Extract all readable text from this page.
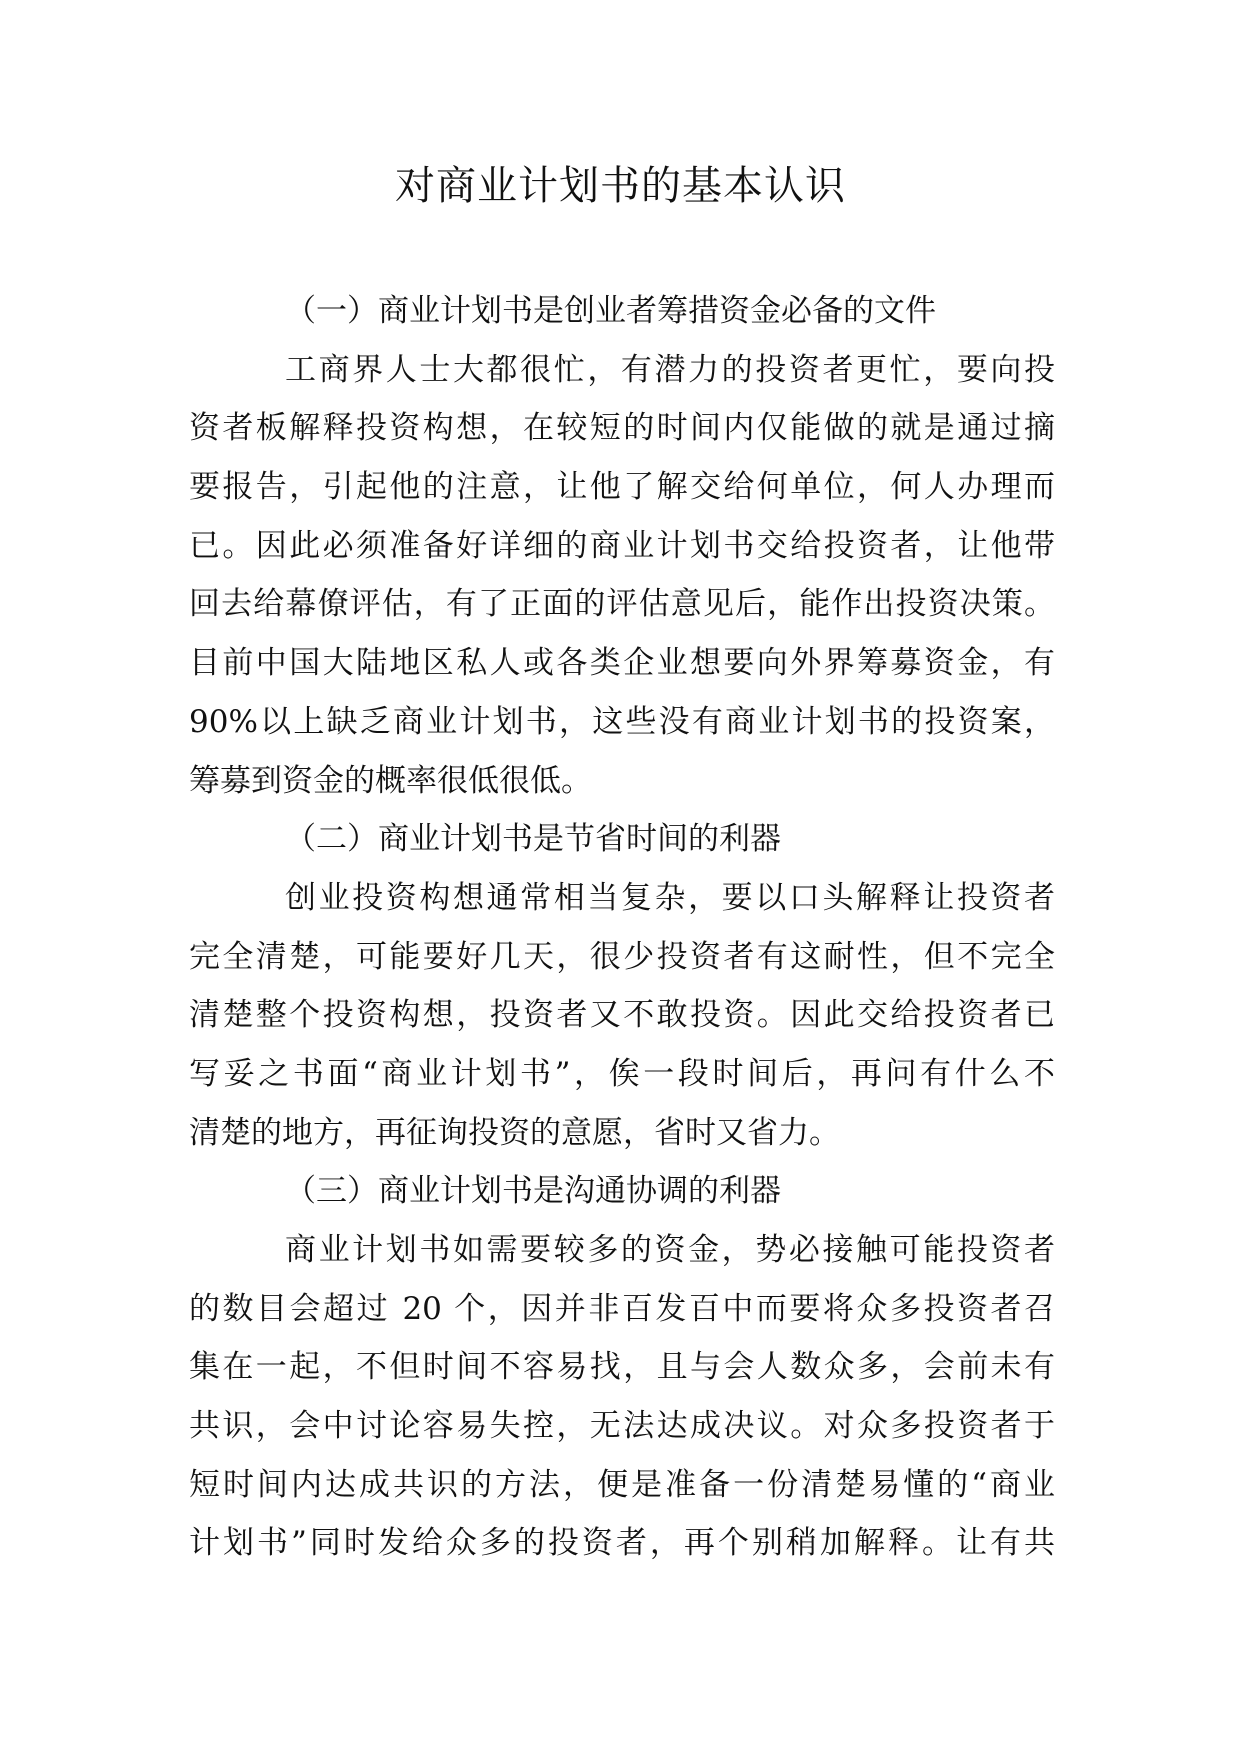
对商业计划书的基本认识
（一）商业计划书是创业者筹措资金必备的文件
工商界人士大都很忙，有潜力的投资者更忙，要向投
资者板解释投资构想，在较短的时间内仅能做的就是通过摘
要报告，引起他的注意，让他了解交给何单位，何人办理而
已。因此必须准备好详细的商业计划书交给投资者，让他带
回去给幕僚评估，有了正面的评估意见后，能作出投资决策。
目前中国大陆地区私人或各类企业想要向外界筹募资金，有
90%以上缺乏商业计划书，这些没有商业计划书的投资案，
筹募到资金的概率很低很低。
（二）商业计划书是节省时间的利器
创业投资构想通常相当复杂，要以口头解释让投资者
完全清楚，可能要好几天，很少投资者有这耐性，但不完全
清楚整个投资构想，投资者又不敢投资。因此交给投资者已
写妥之书面“商业计划书”，俟一段时间后，再问有什么不
清楚的地方，再征询投资的意愿，省时又省力。
（三）商业计划书是沟通协调的利器
商业计划书如需要较多的资金，势必接触可能投资者
的数目会超过 20 个，因并非百发百中而要将众多投资者召
集在一起，不但时间不容易找，且与会人数众多，会前未有
共识，会中讨论容易失控，无法达成决议。对众多投资者于
短时间内达成共识的方法，便是准备一份清楚易懂的“商业
计划书”同时发给众多的投资者，再个别稍加解释。让有共
